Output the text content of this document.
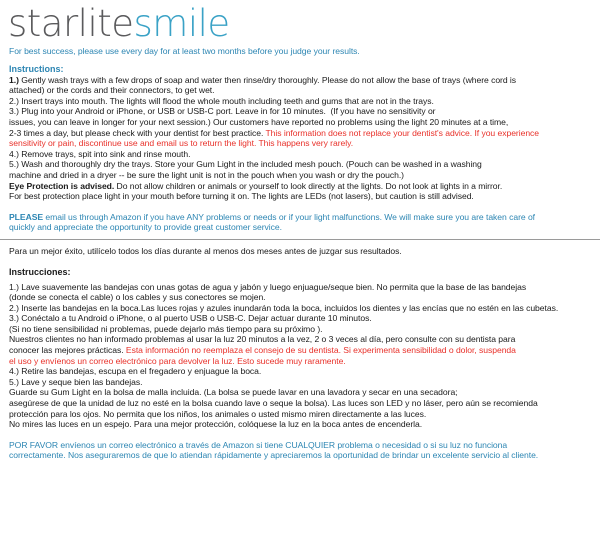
starlitesmile

For best success, please use every day for at least two months before you judge your results.

Instructions:

1.) Gently wash trays with a few drops of soap and water then rinse/dry thoroughly. Please do not allow the base of trays (where cord is

attached) or the cords and their connectors, to get wet.

2.) Insert trays into mouth. The lights will flood the whole mouth including teeth and gums that are not in the trays.

3.) Plug into your Android or iPhone, or USB or USB-C port. Leave in for 10 minutes.  (If you have no sensitivity or

issues, you can leave in longer for your next session.) Our customers have reported no problems using the light 20 minutes at a time,

2-3 times a day, but please check with your dentist for best practice. This information does not replace your dentist's advice. If you experience

sensitivity or pain, discontinue use and email us to return the light. This happens very rarely.

4.) Remove trays, spit into sink and rinse mouth.

5.) Wash and thoroughly dry the trays. Store your Gum Light in the included mesh pouch. (Pouch can be washed in a washing

machine and dried in a dryer -- be sure the light unit is not in the pouch when you wash or dry the pouch.)

Eye Protection is advised. Do not allow children or animals or yourself to look directly at the lights. Do not look at lights in a mirror.

For best protection place light in your mouth before turning it on. The lights are LEDs (not lasers), but caution is still advised.

PLEASE email us through Amazon if you have ANY problems or needs or if your light malfunctions. We will make sure you are taken care of

quickly and appreciate the opportunity to provide great customer service.

Para un mejor éxito, utilícelo todos los días durante al menos dos meses antes de juzgar sus resultados.

Instrucciones:

1.) Lave suavemente las bandejas con unas gotas de agua y jabón y luego enjuague/seque bien. No permita que la base de las bandejas

(donde se conecta el cable) o los cables y sus conectores se mojen.

2.) Inserte las bandejas en la boca.Las luces rojas y azules inundarán toda la boca, incluidos los dientes y las encías que no estén en las cubetas.

3.) Conéctalo a tu Android o iPhone, o al puerto USB o USB-C. Dejar actuar durante 10 minutos.

(Si no tiene sensibilidad ni problemas, puede dejarlo más tiempo para su próximo ).

Nuestros clientes no han informado problemas al usar la luz 20 minutos a la vez, 2 o 3 veces al día, pero consulte con su dentista para

conocer las mejores prácticas. Esta información no reemplaza el consejo de su dentista. Si experimenta sensibilidad o dolor, suspenda

el uso y envíenos un correo electrónico para devolver la luz. Esto sucede muy raramente.

4.) Retire las bandejas, escupa en el fregadero y enjuague la boca.

5.) Lave y seque bien las bandejas.

Guarde su Gum Light en la bolsa de malla incluida. (La bolsa se puede lavar en una lavadora y secar en una secadora;

asegúrese de que la unidad de luz no esté en la bolsa cuando lave o seque la bolsa). Las luces son LED y no láser, pero aún se recomienda

protección para los ojos. No permita que los niños, los animales o usted mismo miren directamente a las luces.

No mires las luces en un espejo. Para una mejor protección, colóquese la luz en la boca antes de encenderla.

POR FAVOR envíenos un correo electrónico a través de Amazon si tiene CUALQUIER problema o necesidad o si su luz no funciona

correctamente. Nos aseguraremos de que lo atiendan rápidamente y apreciaremos la oportunidad de brindar un excelente servicio al cliente.
